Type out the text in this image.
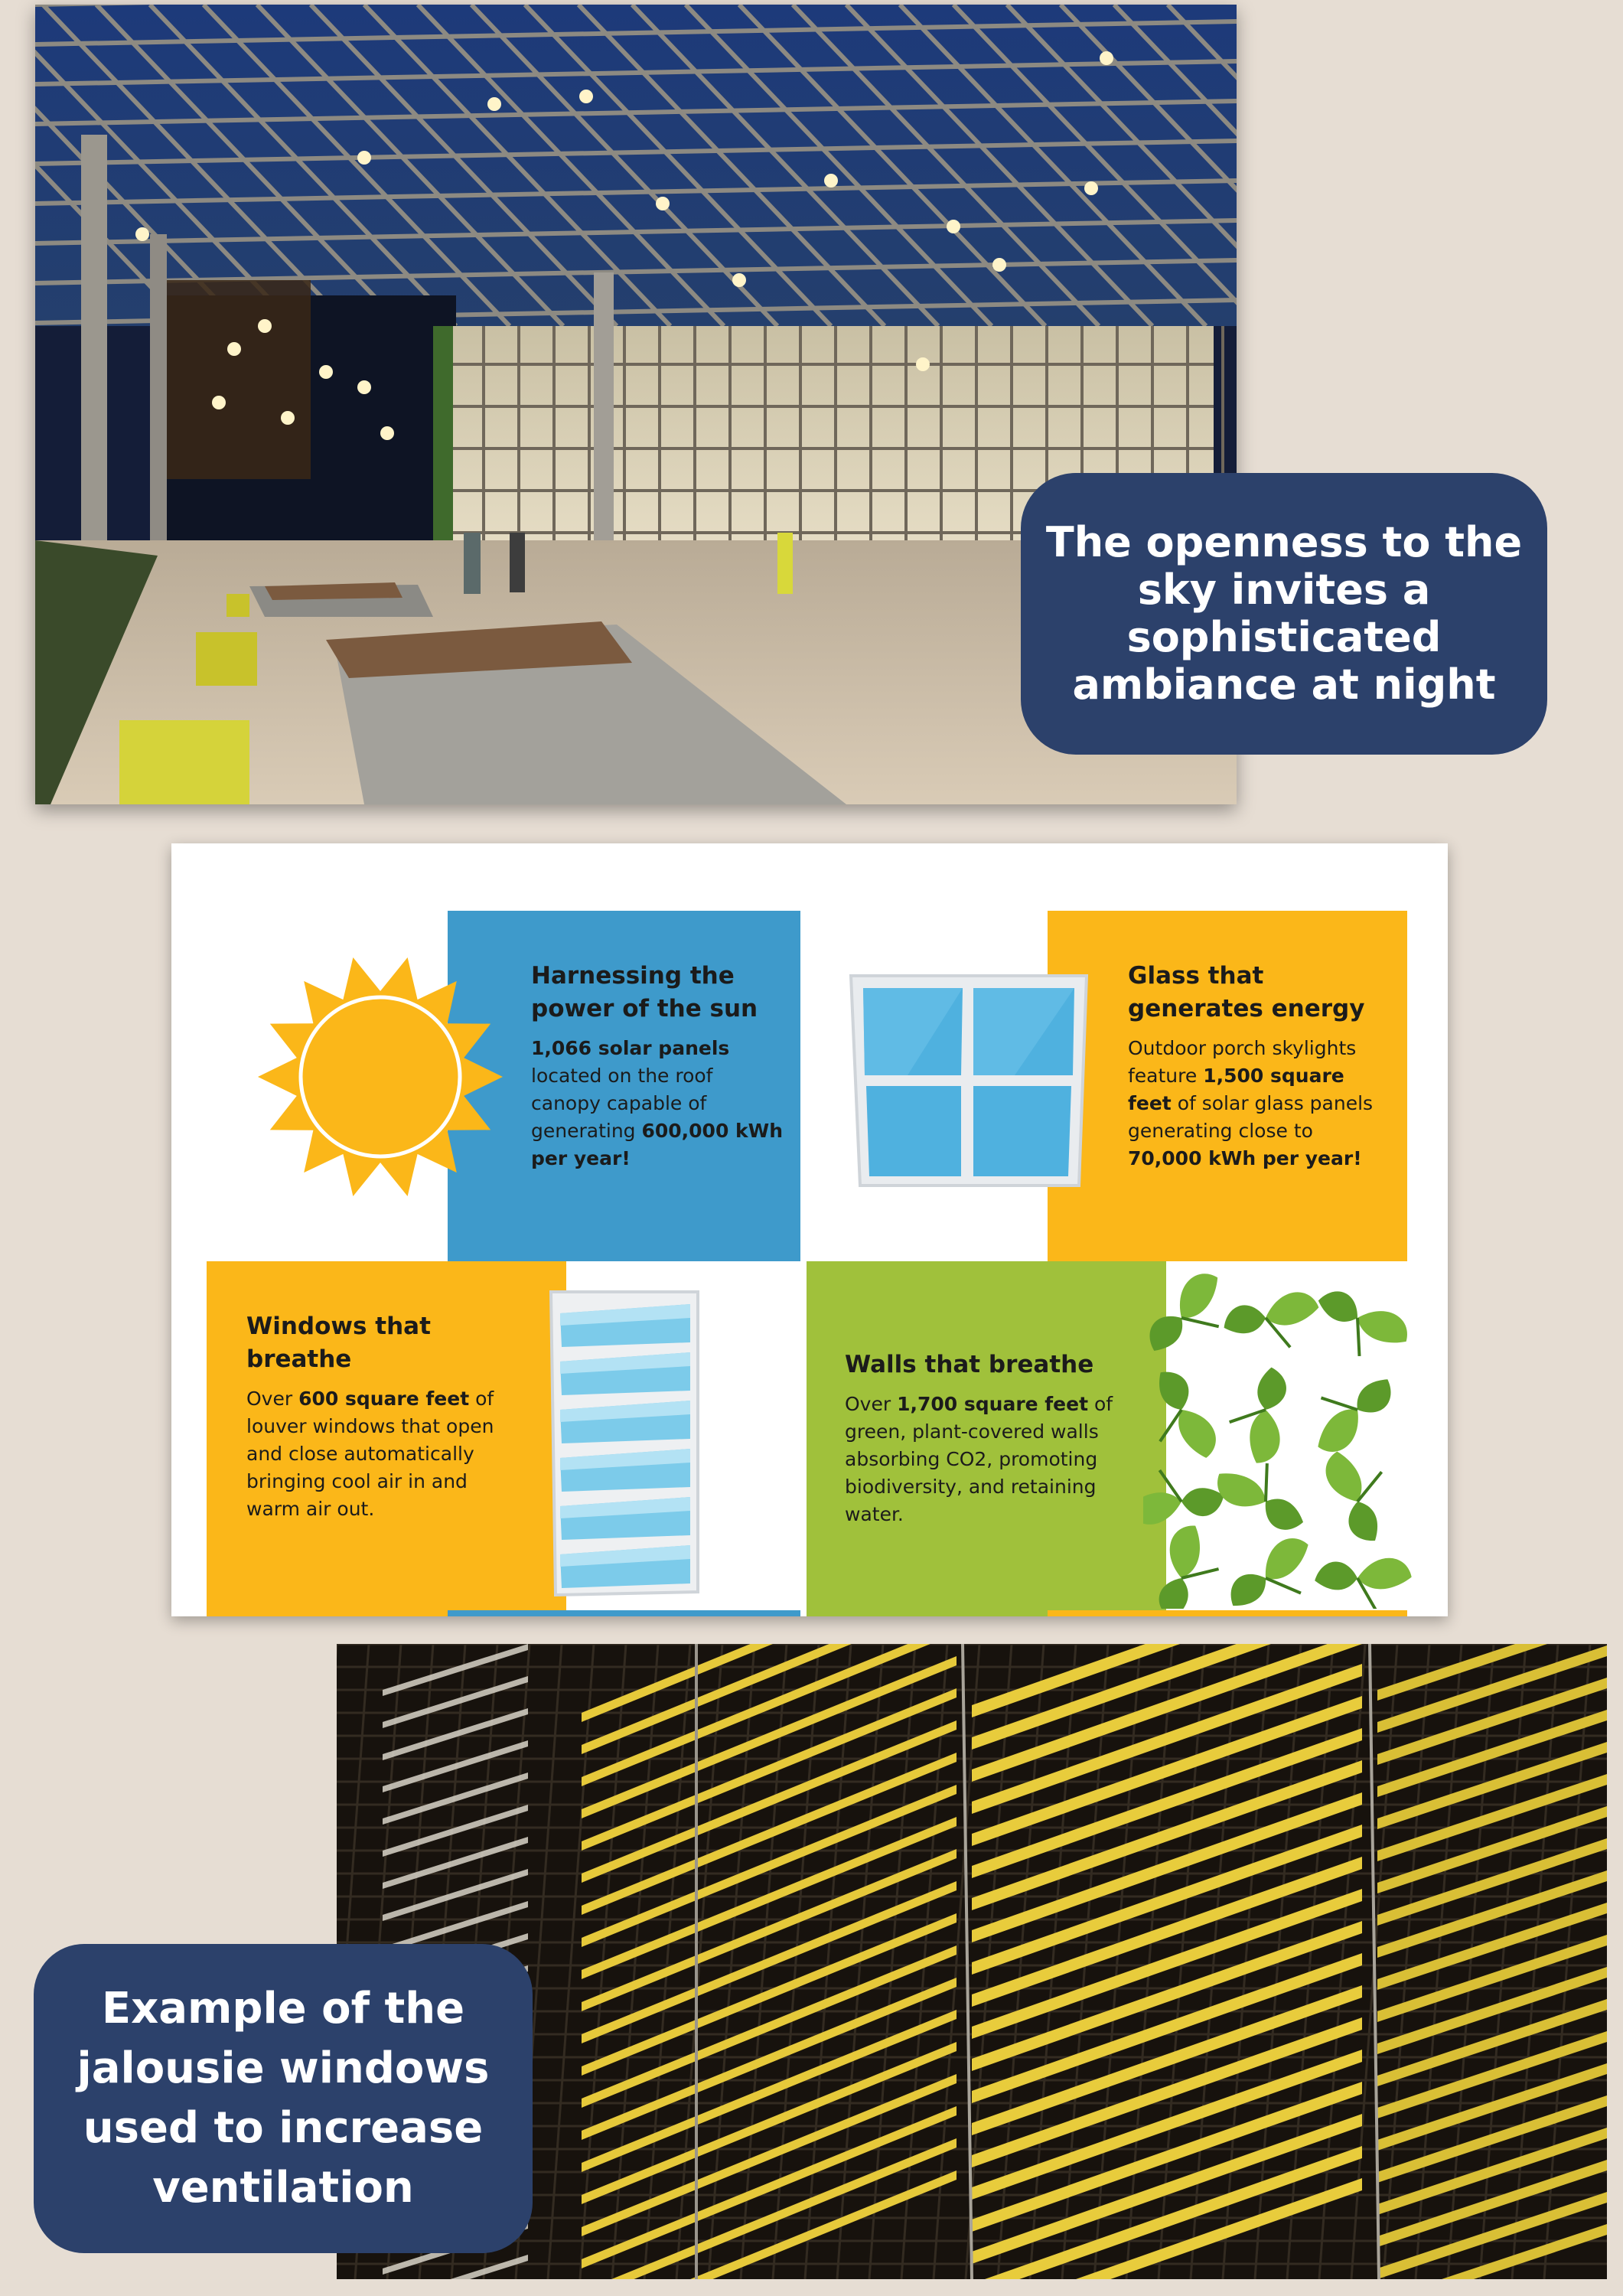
The openness to the sky invites a sophisticated ambiance at night
Harnessing the power of the sun

1,066 solar panels located on the roof canopy capable of generating 600,000 kWh per year!

Glass that generates energy

Outdoor porch skylights feature 1,500 square feet of solar glass panels generating close to 70,000 kWh per year!

Windows that breathe

Over 600 square feet of louver windows that open and close automatically bringing cool air in and warm air out.

Walls that breathe

Over 1,700 square feet of green, plant-covered walls absorbing CO2, promoting biodiversity, and retaining water.

Example of the jalousie windows used to increase ventilation
